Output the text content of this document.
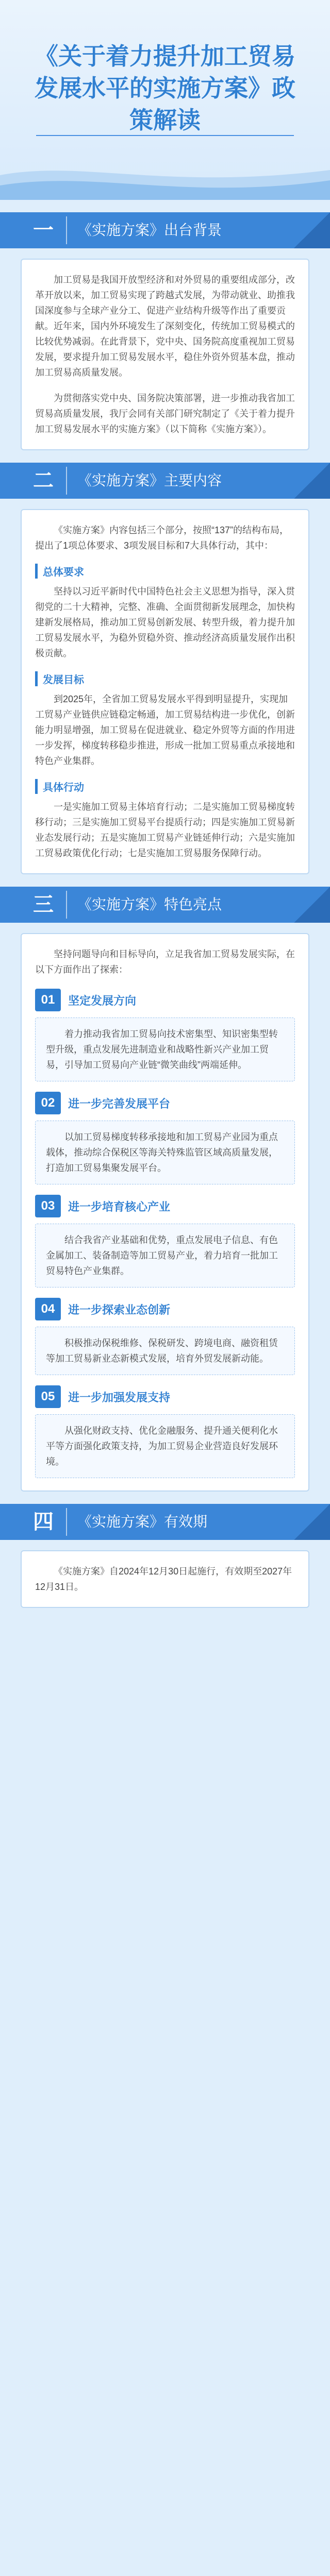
《关于着力提升加工贸易发展水平的实施方案》政策解读
一	《实施方案》出台背景

加工贸易是我国开放型经济和对外贸易的重要组成部分，改革开放以来，加工贸易实现了跨越式发展，为带动就业、助推我国深度参与全球产业分工、促进产业结构升级等作出了重要贡献。近年来，国内外环境发生了深刻变化，传统加工贸易模式的比较优势减弱。在此背景下，党中央、国务院高度重视加工贸易发展，要求提升加工贸易发展水平，稳住外资外贸基本盘，推动加工贸易高质量发展。

为贯彻落实党中央、国务院决策部署，进一步推动我省加工贸易高质量发展，我厅会同有关部门研究制定了《关于着力提升加工贸易发展水平的实施方案》（以下简称《实施方案》）。

二	《实施方案》主要内容

《实施方案》内容包括三个部分，按照“137”的结构布局，提出了1项总体要求、3项发展目标和7大具体行动，其中：

总体要求

坚持以习近平新时代中国特色社会主义思想为指导，深入贯彻党的二十大精神，完整、准确、全面贯彻新发展理念，加快构建新发展格局，推动加工贸易创新发展、转型升级，着力提升加工贸易发展水平，为稳外贸稳外资、推动经济高质量发展作出积极贡献。

发展目标

到2025年，全省加工贸易发展水平得到明显提升，实现加工贸易产业链供应链稳定畅通，加工贸易结构进一步优化，创新能力明显增强，加工贸易在促进就业、稳定外贸等方面的作用进一步发挥，梯度转移稳步推进，形成一批加工贸易重点承接地和特色产业集群。

具体行动

一是实施加工贸易主体培育行动；二是实施加工贸易梯度转移行动；三是实施加工贸易平台提质行动；四是实施加工贸易新业态发展行动；五是实施加工贸易产业链延伸行动；六是实施加工贸易政策优化行动；七是实施加工贸易服务保障行动。

三	《实施方案》特色亮点

坚持问题导向和目标导向，立足我省加工贸易发展实际，在以下方面作出了探索：

01	坚定发展方向
着力推动我省加工贸易向技术密集型、知识密集型转型升级，重点发展先进制造业和战略性新兴产业加工贸易，引导加工贸易向产业链“微笑曲线”两端延伸。
02	进一步完善发展平台
以加工贸易梯度转移承接地和加工贸易产业园为重点载体，推动综合保税区等海关特殊监管区域高质量发展，打造加工贸易集聚发展平台。
03	进一步培育核心产业
结合我省产业基础和优势，重点发展电子信息、有色金属加工、装备制造等加工贸易产业，着力培育一批加工贸易特色产业集群。
04	进一步探索业态创新
积极推动保税维修、保税研发、跨境电商、融资租赁等加工贸易新业态新模式发展，培育外贸发展新动能。
05	进一步加强发展支持
从强化财政支持、优化金融服务、提升通关便利化水平等方面强化政策支持，为加工贸易企业营造良好发展环境。
四	《实施方案》有效期

《实施方案》自2024年12月30日起施行，有效期至2027年12月31日。
